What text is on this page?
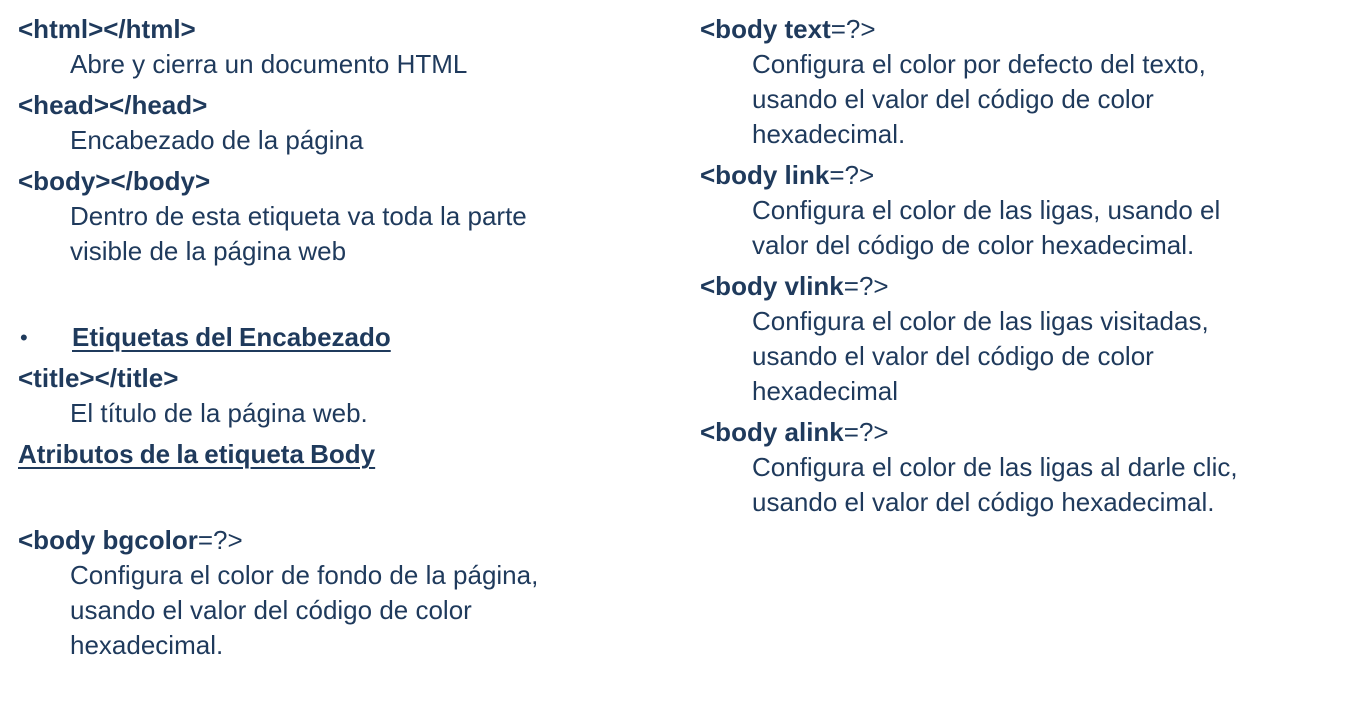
<html></html>
Abre y cierra un documento HTML
<head></head>
Encabezado de la página
<body></body>
Dentro de esta etiqueta va toda la parte
visible de la página web
•	Etiquetas del Encabezado
<title></title>
El título de la página web.
Atributos de la etiqueta Body
<body bgcolor=?>
Configura el color de fondo de la página,
usando el valor del código de color
hexadecimal.
<body text=?>
Configura el color por defecto del texto,
usando el valor del código de color
hexadecimal.
<body link=?>
Configura el color de las ligas, usando el
valor del código de color hexadecimal.
<body vlink=?>
Configura el color de las ligas visitadas,
usando el valor del código de color
hexadecimal
<body alink=?>
Configura el color de las ligas al darle clic,
usando el valor del código hexadecimal.
